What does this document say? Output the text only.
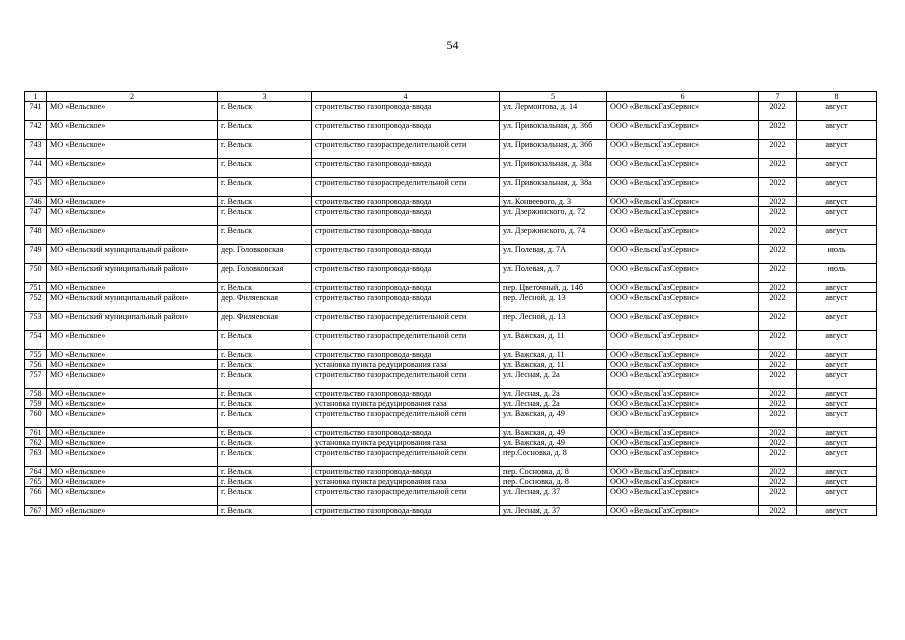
54
1	2	3	4	5	6	7	8
741	МО «Вельское»	г. Вельск	строительство газопровода-ввода	ул. Лермонтова, д. 14	ООО «ВельскГазСервис»	2022	август
742	МО «Вельское»	г. Вельск	строительство газопровода-ввода	ул. Привокзальная, д. 36б	ООО «ВельскГазСервис»	2022	август
743	МО «Вельское»	г. Вельск	строительство газораспределительной сети	ул. Привокзальная, д. 36б	ООО «ВельскГазСервис»	2022	август
744	МО «Вельское»	г. Вельск	строительство газопровода-ввода	ул. Привокзальная, д. 38а	ООО «ВельскГазСервис»	2022	август
745	МО «Вельское»	г. Вельск	строительство газораспределительной сети	ул. Привокзальная, д. 38а	ООО «ВельскГазСервис»	2022	август
746	МО «Вельское»	г. Вельск	строительство газопровода-ввода	ул. Конвеевого, д. 3	ООО «ВельскГазСервис»	2022	август
747	МО «Вельское»	г. Вельск	строительство газопровода-ввода	ул. Дзержинского, д. 72	ООО «ВельскГазСервис»	2022	август
748	МО «Вельское»	г. Вельск	строительство газопровода-ввода	ул. Дзержинского, д. 74	ООО «ВельскГазСервис»	2022	август
749	МО «Вельский муниципальный район»	дер. Головковская	строительство газопровода-ввода	ул. Полевая, д. 7А	ООО «ВельскГазСервис»	2022	июль
750	МО «Вельский муниципальный район»	дер. Головковская	строительство газопровода-ввода	ул. Полевая, д. 7	ООО «ВельскГазСервис»	2022	июль
751	МО «Вельское»	г. Вельск	строительство газопровода-ввода	пер. Цветочный, д. 14б	ООО «ВельскГазСервис»	2022	август
752	МО «Вельский муниципальный район»	дер. Филяевская	строительство газопровода-ввода	пер. Лесной, д. 13	ООО «ВельскГазСервис»	2022	август
753	МО «Вельский муниципальный район»	дер. Филяевская	строительство газораспределительной сети	пер. Лесной, д. 13	ООО «ВельскГазСервис»	2022	август
754	МО «Вельское»	г. Вельск	строительство газораспределительной сети	ул. Важская, д. 11	ООО «ВельскГазСервис»	2022	август
755	МО «Вельское»	г. Вельск	строительство газопровода-ввода	ул. Важская, д. 11	ООО «ВельскГазСервис»	2022	август
756	МО «Вельское»	г. Вельск	установка пункта редуцирования газа	ул. Важская, д. 11	ООО «ВельскГазСервис»	2022	август
757	МО «Вельское»	г. Вельск	строительство газораспределительной сети	ул. Лесная, д. 2а	ООО «ВельскГазСервис»	2022	август
758	МО «Вельское»	г. Вельск	строительство газопровода-ввода	ул. Лесная, д. 2а	ООО «ВельскГазСервис»	2022	август
759	МО «Вельское»	г. Вельск	установка пункта редуцирования газа	ул. Лесная, д. 2а	ООО «ВельскГазСервис»	2022	август
760	МО «Вельское»	г. Вельск	строительство газораспределительной сети	ул. Важская, д. 49	ООО «ВельскГазСервис»	2022	август
761	МО «Вельское»	г. Вельск	строительство газопровода-ввода	ул. Важская, д. 49	ООО «ВельскГазСервис»	2022	август
762	МО «Вельское»	г. Вельск	установка пункта редуцирования газа	ул. Важская, д. 49	ООО «ВельскГазСервис»	2022	август
763	МО «Вельское»	г. Вельск	строительство газораспределительной сети	пер.Сосновка, д. 8	ООО «ВельскГазСервис»	2022	август
764	МО «Вельское»	г. Вельск	строительство газопровода-ввода	пер. Сосновка, д. 8	ООО «ВельскГазСервис»	2022	август
765	МО «Вельское»	г. Вельск	установка пункта редуцирования газа	пер. Сосновка, д. 8	ООО «ВельскГазСервис»	2022	август
766	МО «Вельское»	г. Вельск	строительство газораспределительной сети	ул. Лесная, д. 37	ООО «ВельскГазСервис»	2022	август
767	МО «Вельское»	г. Вельск	строительство газопровода-ввода	ул. Лесная, д. 37	ООО «ВельскГазСервис»	2022	август
